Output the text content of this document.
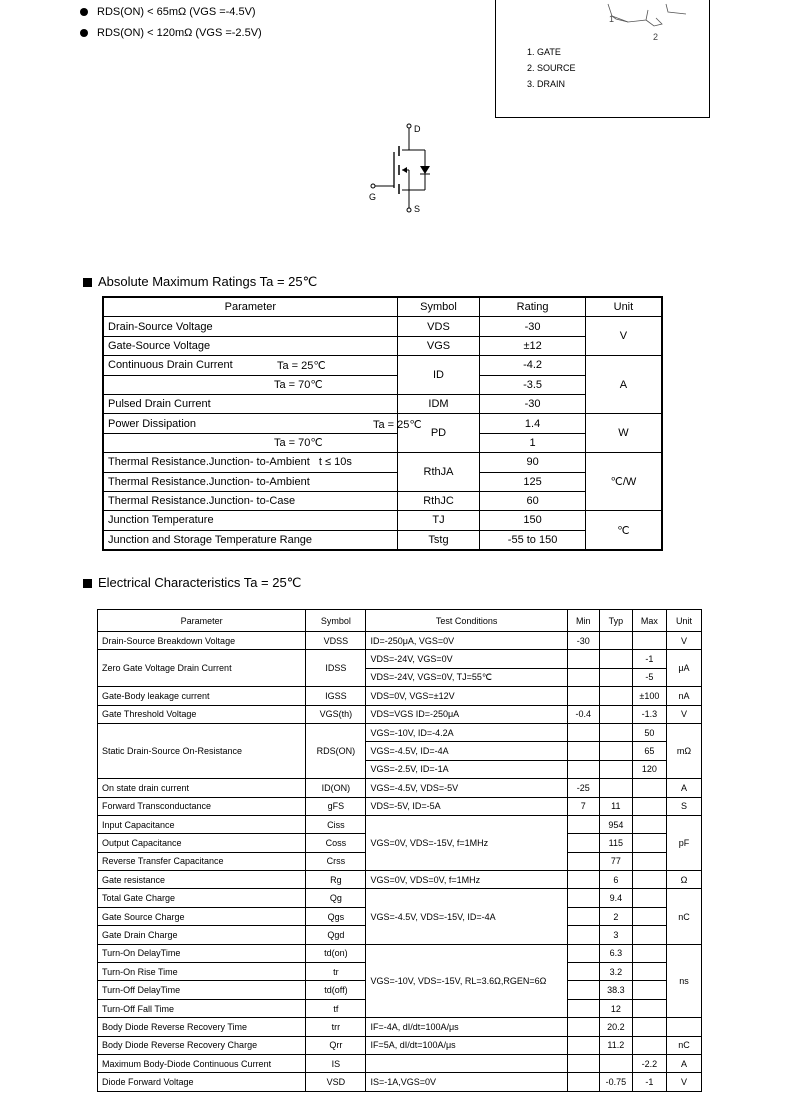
RDS(ON) < 65mΩ (VGS =-4.5V)
RDS(ON) < 120mΩ (VGS =-2.5V)
1
2
1. GATE
2. SOURCE
3. DRAIN
D
G
S
Absolute Maximum Ratings Ta = 25℃
Parameter	Symbol	Rating	Unit
Drain-Source Voltage	VDS	-30	V
Gate-Source Voltage	VGS	±12	
Continuous Drain Current Ta = 25℃	ID	-4.2	A
Ta = 70℃		-3.5	
Pulsed Drain Current	IDM	-30	
Power Dissipation Ta = 25℃	PD	1.4	W
Ta = 70℃		1	
Thermal Resistance.Junction- to-Ambient t ≤ 10s	RthJA	90	℃/W
Thermal Resistance.Junction- to-Ambient		125	
Thermal Resistance.Junction- to-Case	RthJC	60	
Junction Temperature	TJ	150	℃
Junction and Storage Temperature Range	Tstg	-55 to 150	
Electrical Characteristics Ta = 25℃
Parameter	Symbol	Test Conditions	Min	Typ	Max	Unit
Drain-Source Breakdown Voltage	VDSS	ID=-250μA, VGS=0V	-30			V
Zero Gate Voltage Drain Current	IDSS	VDS=-24V, VGS=0V			-1	μA
		VDS=-24V, VGS=0V, TJ=55℃			-5	
Gate-Body leakage current	IGSS	VDS=0V, VGS=±12V			±100	nA
Gate Threshold Voltage	VGS(th)	VDS=VGS ID=-250μA	-0.4		-1.3	V
Static Drain-Source On-Resistance	RDS(ON)	VGS=-10V, ID=-4.2A			50	mΩ
		VGS=-4.5V, ID=-4A			65	
		VGS=-2.5V, ID=-1A			120	
On state drain current	ID(ON)	VGS=-4.5V, VDS=-5V	-25			A
Forward Transconductance	gFS	VDS=-5V, ID=-5A	7	11		S
Input Capacitance	Ciss	VGS=0V, VDS=-15V, f=1MHz		954		pF
Output Capacitance	Coss			115		
Reverse Transfer Capacitance	Crss			77		
Gate resistance	Rg	VGS=0V, VDS=0V, f=1MHz		6		Ω
Total Gate Charge	Qg	VGS=-4.5V, VDS=-15V, ID=-4A		9.4		nC
Gate Source Charge	Qgs			2		
Gate Drain Charge	Qgd			3		
Turn-On DelayTime	td(on)	VGS=-10V, VDS=-15V, RL=3.6Ω,RGEN=6Ω		6.3		ns
Turn-On Rise Time	tr			3.2		
Turn-Off DelayTime	td(off)			38.3		
Turn-Off Fall Time	tf			12		
Body Diode Reverse Recovery Time	trr	IF=-4A, dI/dt=100A/μs		20.2		
Body Diode Reverse Recovery Charge	Qrr	IF=5A, dI/dt=100A/μs		11.2		nC
Maximum Body-Diode Continuous Current	IS				-2.2	A
Diode Forward Voltage	VSD	IS=-1A,VGS=0V		-0.75	-1	V
